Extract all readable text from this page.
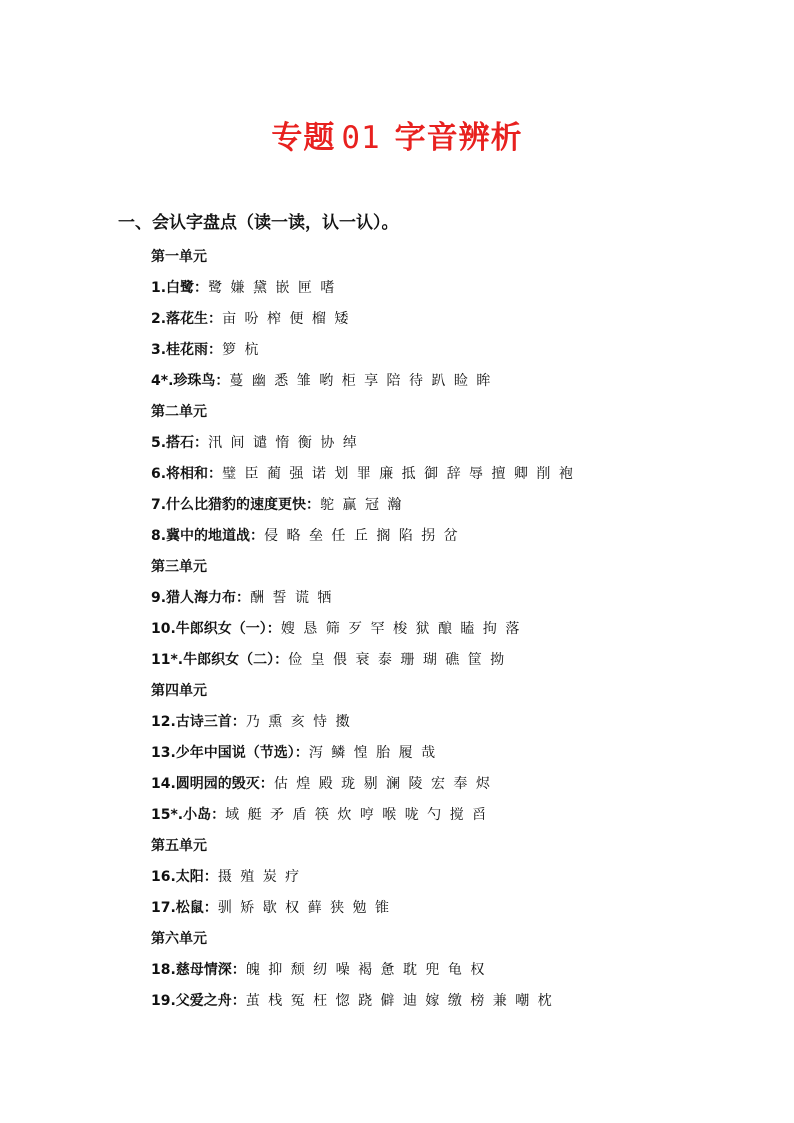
专题 01 字音辨析
一、会认字盘点（读一读，认一认）。
第一单元
1.白鹭：鹭 嫌 黛 嵌 匣 嗜
2.落花生：亩 吩 榨 便 榴 矮
3.桂花雨：箩 杭
4*.珍珠鸟：蔓 幽 悉 雏 哟 柜 享 陪 待 趴 睑 眸
第二单元
5.搭石：汛 间 谴 惰 衡 协 绰
6.将相和：璧 臣 蔺 强 诺 划 罪 廉 抵 御 辞 辱 擅 卿 削 袍
7.什么比猎豹的速度更快：鸵 赢 冠 瀚
8.冀中的地道战：侵 略 垒 任 丘 搁 陷 拐 岔
第三单元
9.猎人海力布：酬 誓 谎 牺
10.牛郎织女（一）：嫂 恳 筛 歹 罕 梭 狱 酿 瞌 拘 落
11*.牛郎织女（二）：俭 皇 偎 衰 泰 珊 瑚 礁 筐 拗
第四单元
12.古诗三首：乃 熏 亥 恃 擞
13.少年中国说（节选）：泻 鳞 惶 胎 履 哉
14.圆明园的毁灭：估 煌 殿 珑 剔 澜 陵 宏 奉 烬
15*.小岛：域 艇 矛 盾 筷 炊 哼 喉 咙 勺 搅 舀
第五单元
16.太阳：摄 殖 炭 疗
17.松鼠：驯 矫 歇 权 藓 狭 勉 锥
第六单元
18.慈母情深：魄 抑 颓 纫 噪 褐 惫 耽 兜 龟 权
19.父爱之舟：茧 栈 冤 枉 惚 跷 僻 迪 嫁 缴 榜 兼 嘲 枕
